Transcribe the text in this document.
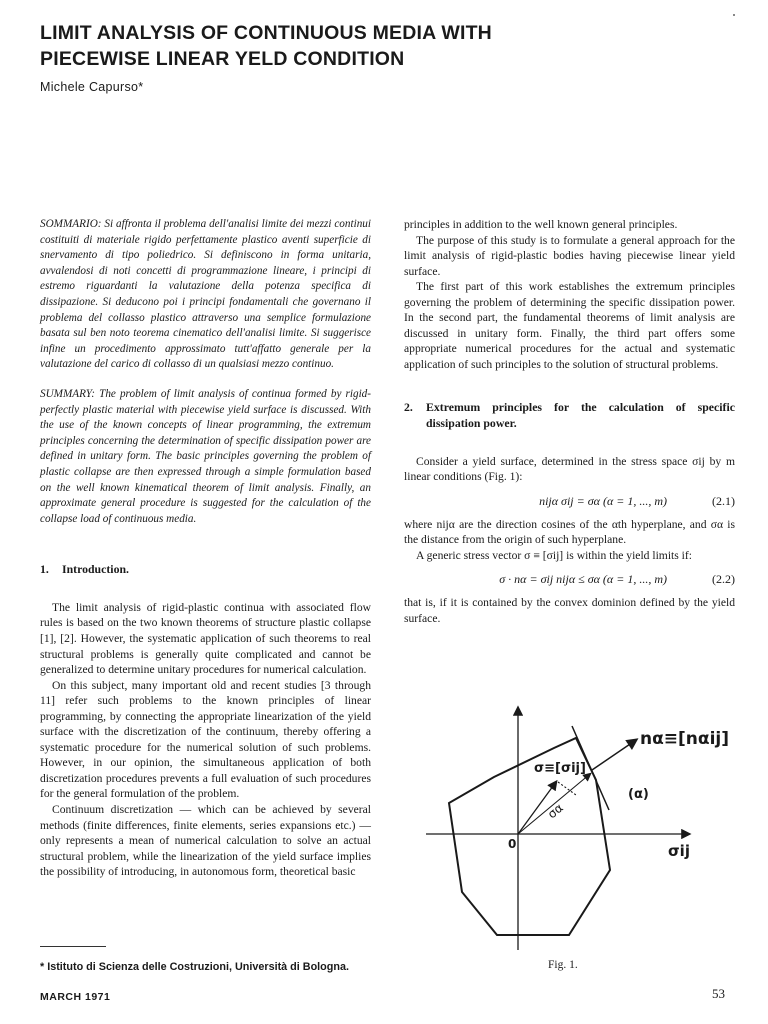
LIMIT ANALYSIS OF CONTINUOUS MEDIA WITH
PIECEWISE LINEAR YELD CONDITION
Michele Capurso*

SOMMARIO: Si affronta il problema dell'analisi limite dei mezzi continui costituiti di materiale rigido perfettamente plastico aventi superficie di snervamento di tipo poliedrico. Si definiscono in forma unitaria, avvalendosi di noti concetti di programmazione lineare, i principi di estremo riguardanti la valutazione della potenza specifica di dissipazione. Si deducono poi i principi fondamentali che governano il problema del collasso plastico attraverso una semplice formulazione basata sul ben noto teorema cinematico dell'analisi limite. Si suggerisce infine un procedimento approssimato tutt'affatto generale per la valutazione del carico di collasso di un qualsiasi mezzo continuo.

SUMMARY: The problem of limit analysis of continua formed by rigid-perfectly plastic material with piecewise yield surface is discussed. With the use of the known concepts of linear programming, the extremum principles concerning the determination of specific dissipation power are defined in unitary form. The basic principles governing the problem of plastic collapse are then expressed through a simple formulation based on the well known kinematical theorem of limit analysis. Finally, an approximate general procedure is suggested for the calculation of the collapse load of continuous media.

1.	Introduction.

The limit analysis of rigid-plastic continua with associated flow rules is based on the two known theorems of structure plastic collapse [1], [2]. However, the systematic application of such theorems to real structural problems is generally quite complicated and cannot be generalized to determine unitary procedures for numerical calculation.

On this subject, many important old and recent studies [3 through 11] refer such problems to the known principles of linear programming, by connecting the appropriate linearization of the yield surface with the discretization of the continuum, thereby offering a systematic procedure for the numerical solution of such problems. However, in our opinion, the simultaneous application of both discretization procedures prevents a full evaluation of such procedures for the general formulation of the problem.

Continuum discretization — which can be achieved by several methods (finite differences, finite elements, series expansions etc.) — only represents a mean of numerical calculation to solve an actual structural problem, while the linearization of the yield surface implies the possibility of introducing, in autonomous form, theoretical basic

principles in addition to the well known general principles.

The purpose of this study is to formulate a general approach for the limit analysis of rigid-plastic bodies having piecewise linear yield surface.

The first part of this work establishes the extremum principles governing the problem of determining the specific dissipation power. In the second part, the fundamental theorems of limit analysis are discussed in unitary form. Finally, the third part offers some appropriate numerical procedures for the actual and systematic application of such principles to the solution of structural problems.

2.	Extremum principles for the calculation of specific dissipation power.

Consider a yield surface, determined in the stress space σij by m linear conditions (Fig. 1):

nijα σij = σα (α = 1, ..., m)	(2.1)

where nijα are the direction cosines of the αth hyperplane, and σα is the distance from the origin of such hyperplane.

A generic stress vector σ ≡ [σij] is within the yield limits if:

σ · nα = σij nijα ≤ σα (α = 1, ..., m)	(2.2)

that is, if it is contained by the convex dominion defined by the yield surface.

nα≡[nαij]
σ≡[σij]
(α)
0	σij
σα
Fig. 1.
* Istituto di Scienza delle Costruzioni, Università di Bologna.
MARCH 1971	53
